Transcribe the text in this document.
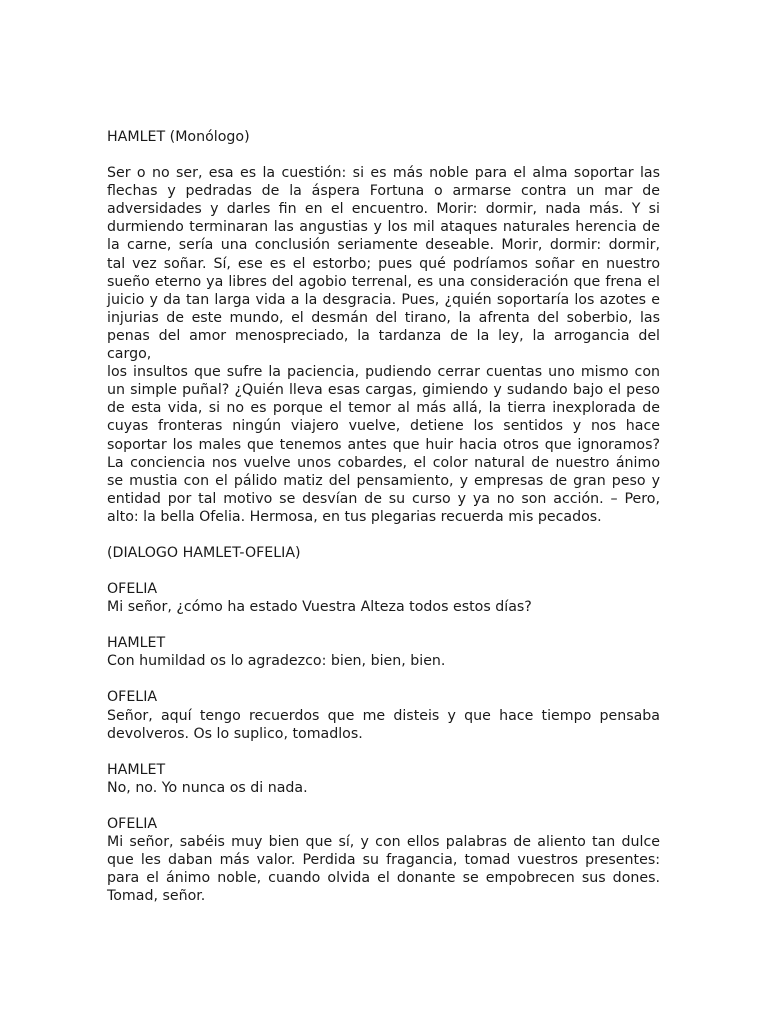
HAMLET (Monólogo)
Ser o no ser, esa es la cuestión: si es más noble para el alma soportar las
flechas y pedradas de la áspera Fortuna o armarse contra un mar de
adversidades y darles fin en el encuentro. Morir: dormir, nada más. Y si
durmiendo terminaran las angustias y los mil ataques naturales herencia de
la carne, sería una conclusión seriamente deseable. Morir, dormir: dormir,
tal vez soñar. Sí, ese es el estorbo; pues qué podríamos soñar en nuestro
sueño eterno ya libres del agobio terrenal, es una consideración que frena el
juicio y da tan larga vida a la desgracia. Pues, ¿quién soportaría los azotes e
injurias de este mundo, el desmán del tirano, la afrenta del soberbio, las
penas del amor menospreciado, la tardanza de la ley, la arrogancia del cargo,
los insultos que sufre la paciencia, pudiendo cerrar cuentas uno mismo con
un simple puñal? ¿Quién lleva esas cargas, gimiendo y sudando bajo el peso
de esta vida, si no es porque el temor al más allá, la tierra inexplorada de
cuyas fronteras ningún viajero vuelve, detiene los sentidos y nos hace
soportar los males que tenemos antes que huir hacia otros que ignoramos?
La conciencia nos vuelve unos cobardes, el color natural de nuestro ánimo
se mustia con el pálido matiz del pensamiento, y empresas de gran peso y
entidad por tal motivo se desvían de su curso y ya no son acción. – Pero,
alto: la bella Ofelia. Hermosa, en tus plegarias recuerda mis pecados.
(DIALOGO HAMLET-OFELIA)
OFELIA
Mi señor, ¿cómo ha estado Vuestra Alteza todos estos días?
HAMLET
Con humildad os lo agradezco: bien, bien, bien.
OFELIA
Señor, aquí tengo recuerdos que me disteis y que hace tiempo pensaba
devolveros. Os lo suplico, tomadlos.
HAMLET
No, no. Yo nunca os di nada.
OFELIA
Mi señor, sabéis muy bien que sí, y con ellos palabras de aliento tan dulce
que les daban más valor. Perdida su fragancia, tomad vuestros presentes:
para el ánimo noble, cuando olvida el donante se empobrecen sus dones.
Tomad, señor.
